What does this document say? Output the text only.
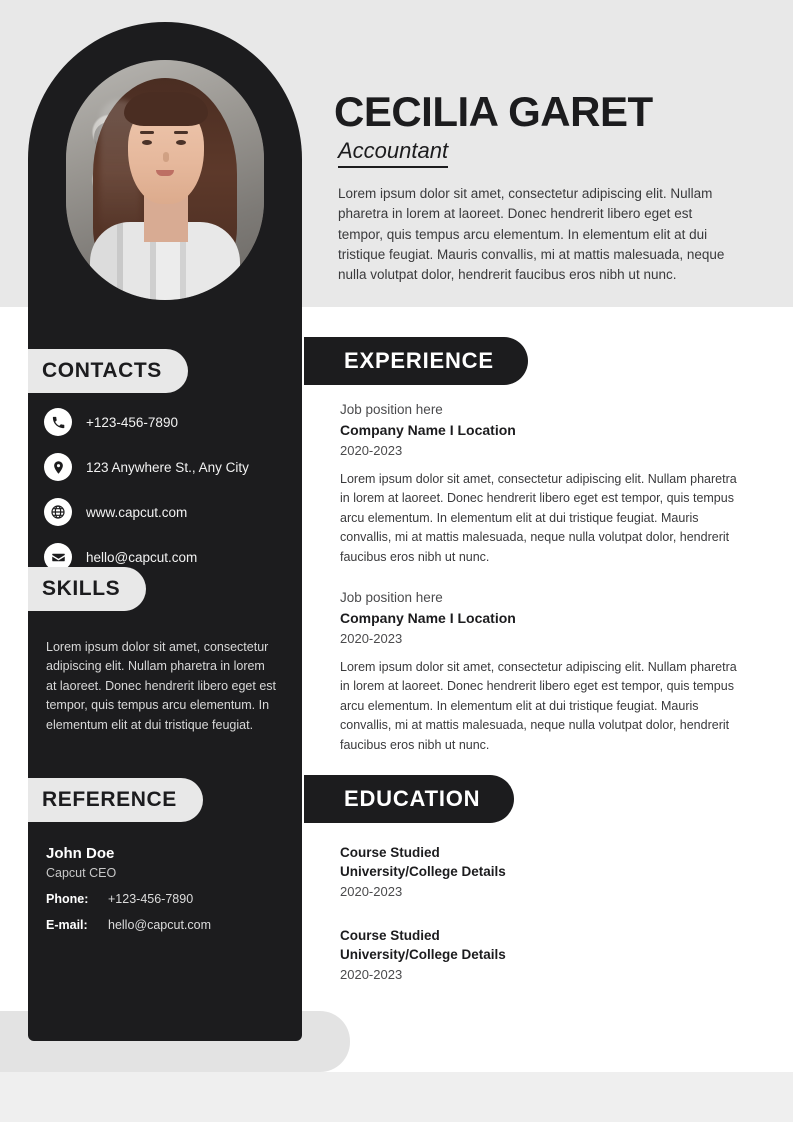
CECILIA GARET
Accountant
Lorem ipsum dolor sit amet, consectetur adipiscing elit. Nullam pharetra in lorem at laoreet. Donec hendrerit libero eget est tempor, quis tempus arcu elementum. In elementum elit at dui tristique feugiat. Mauris convallis, mi at mattis malesuada, neque nulla volutpat dolor, hendrerit faucibus eros nibh ut nunc.
CONTACTS
+123-456-7890
123 Anywhere St., Any City
www.capcut.com
hello@capcut.com
SKILLS
Lorem ipsum dolor sit amet, consectetur adipiscing elit. Nullam pharetra in lorem at laoreet. Donec hendrerit libero eget est tempor, quis tempus arcu elementum. In elementum elit at dui tristique feugiat.
REFERENCE
John Doe
Capcut CEO
Phone:	+123-456-7890
E-mail:	hello@capcut.com
EXPERIENCE
Job position here
Company Name I Location
2020-2023
Lorem ipsum dolor sit amet, consectetur adipiscing elit. Nullam pharetra in lorem at laoreet. Donec hendrerit libero eget est tempor, quis tempus arcu elementum. In elementum elit at dui tristique feugiat. Mauris convallis, mi at mattis malesuada, neque nulla volutpat dolor, hendrerit faucibus eros nibh ut nunc.
Job position here
Company Name I Location
2020-2023
Lorem ipsum dolor sit amet, consectetur adipiscing elit. Nullam pharetra in lorem at laoreet. Donec hendrerit libero eget est tempor, quis tempus arcu elementum. In elementum elit at dui tristique feugiat. Mauris convallis, mi at mattis malesuada, neque nulla volutpat dolor, hendrerit faucibus eros nibh ut nunc.
EDUCATION
Course Studied
University/College Details
2020-2023
Course Studied
University/College Details
2020-2023
